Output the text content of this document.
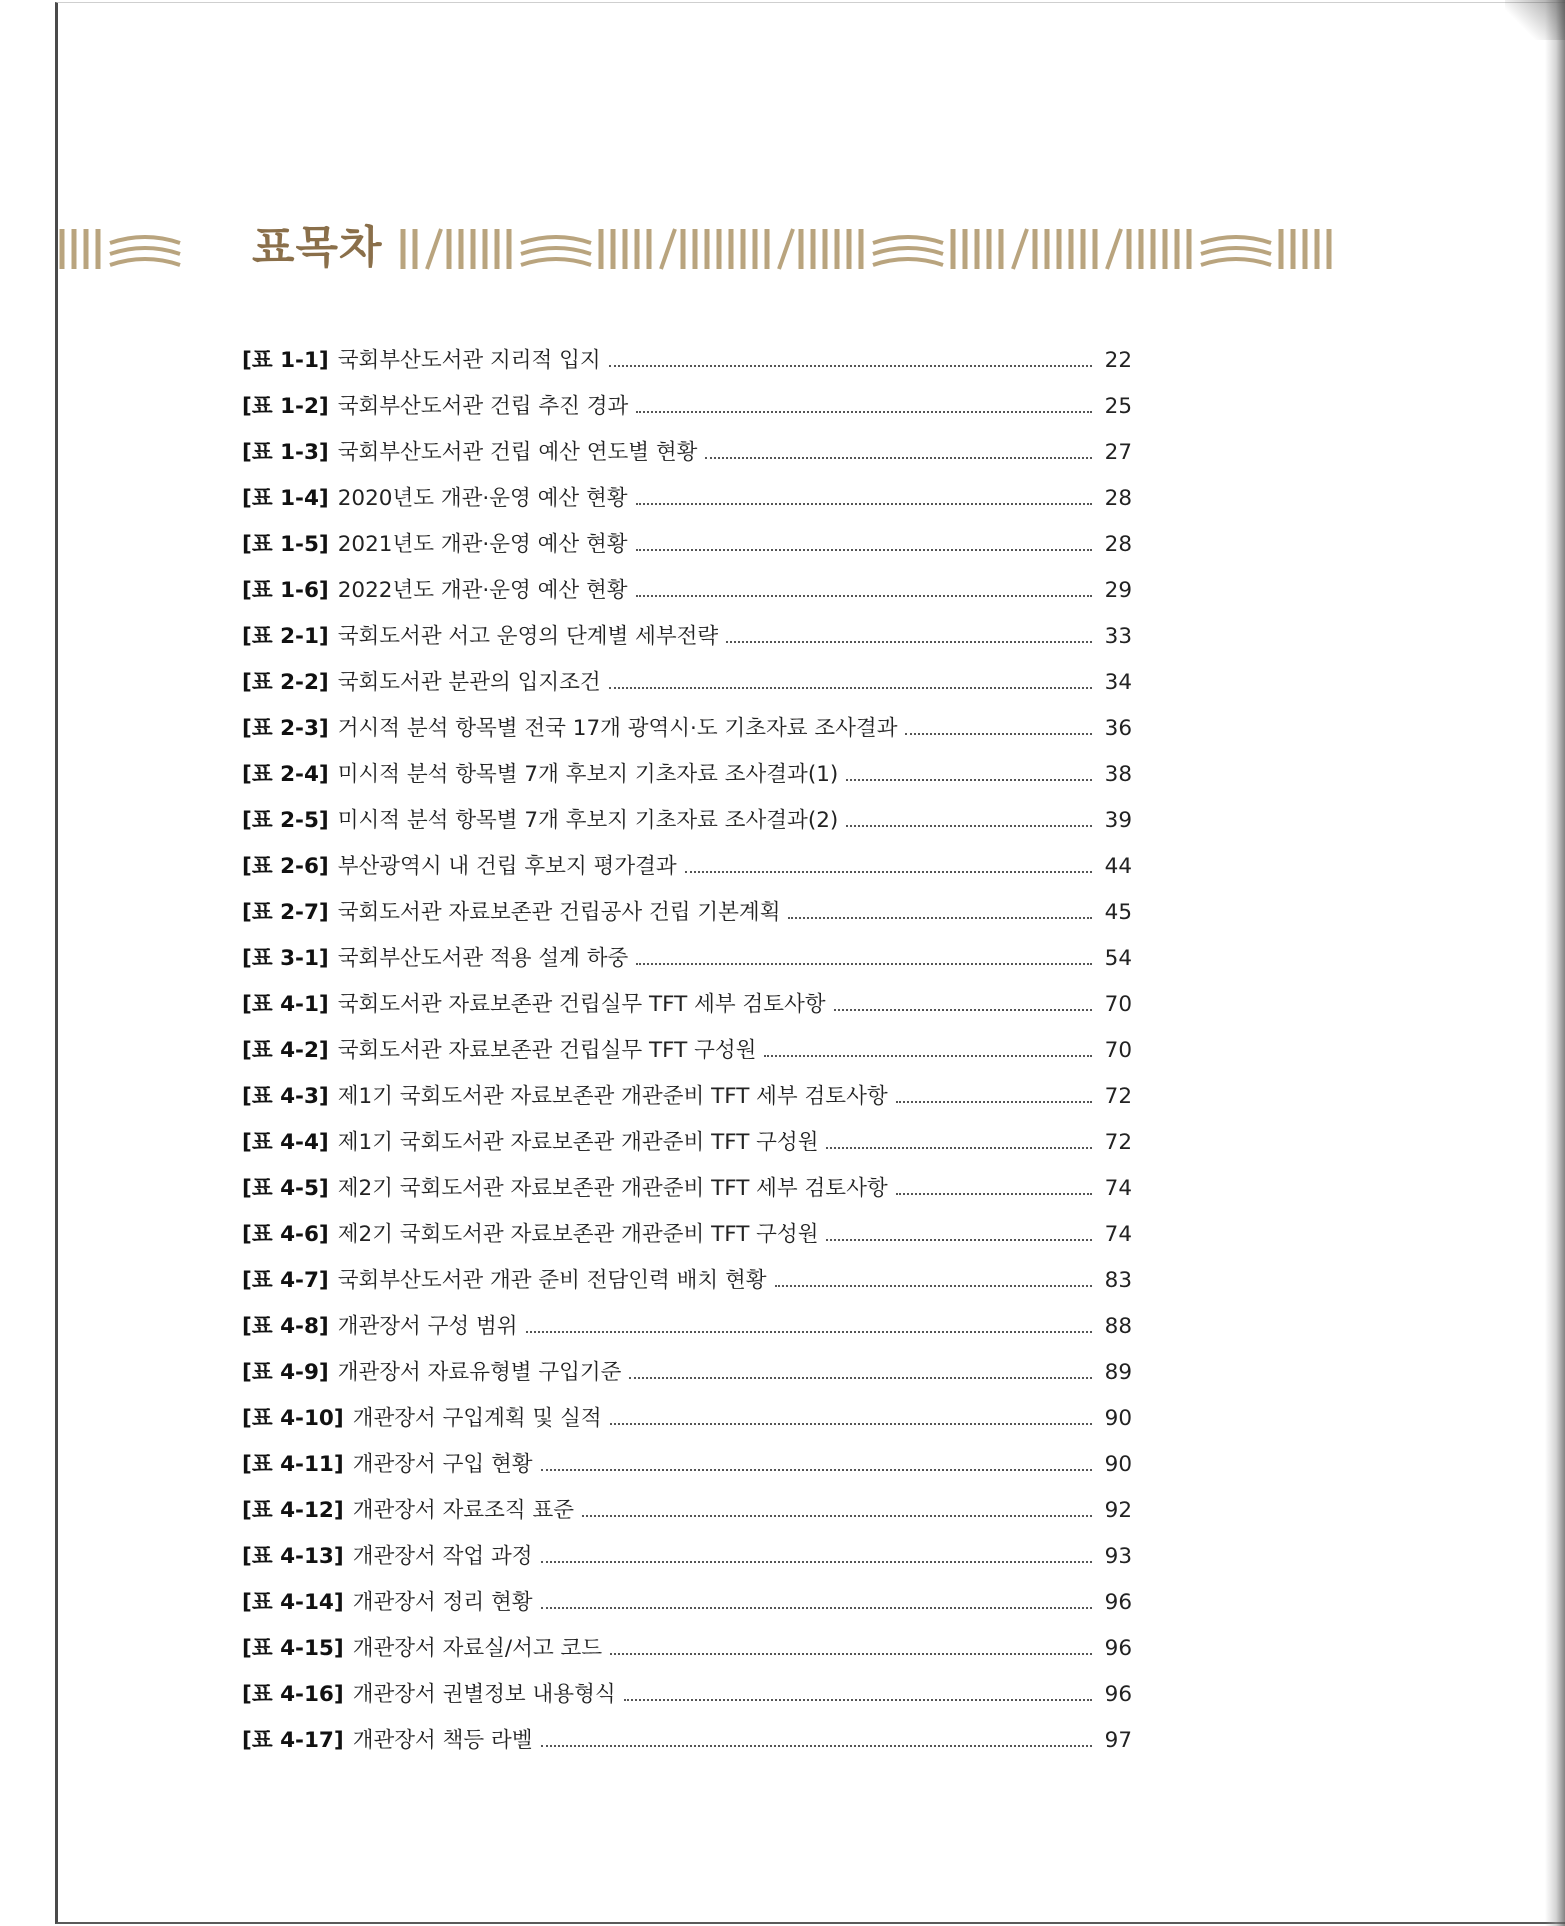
표목차
[표 1-1] 국회부산도서관 지리적 입지	22
[표 1-2] 국회부산도서관 건립 추진 경과	25
[표 1-3] 국회부산도서관 건립 예산 연도별 현황	27
[표 1-4] 2020년도 개관·운영 예산 현황	28
[표 1-5] 2021년도 개관·운영 예산 현황	28
[표 1-6] 2022년도 개관·운영 예산 현황	29
[표 2-1] 국회도서관 서고 운영의 단계별 세부전략	33
[표 2-2] 국회도서관 분관의 입지조건	34
[표 2-3] 거시적 분석 항목별 전국 17개 광역시·도 기초자료 조사결과	36
[표 2-4] 미시적 분석 항목별 7개 후보지 기초자료 조사결과(1)	38
[표 2-5] 미시적 분석 항목별 7개 후보지 기초자료 조사결과(2)	39
[표 2-6] 부산광역시 내 건립 후보지 평가결과	44
[표 2-7] 국회도서관 자료보존관 건립공사 건립 기본계획	45
[표 3-1] 국회부산도서관 적용 설계 하중	54
[표 4-1] 국회도서관 자료보존관 건립실무 TFT 세부 검토사항	70
[표 4-2] 국회도서관 자료보존관 건립실무 TFT 구성원	70
[표 4-3] 제1기 국회도서관 자료보존관 개관준비 TFT 세부 검토사항	72
[표 4-4] 제1기 국회도서관 자료보존관 개관준비 TFT 구성원	72
[표 4-5] 제2기 국회도서관 자료보존관 개관준비 TFT 세부 검토사항	74
[표 4-6] 제2기 국회도서관 자료보존관 개관준비 TFT 구성원	74
[표 4-7] 국회부산도서관 개관 준비 전담인력 배치 현황	83
[표 4-8] 개관장서 구성 범위	88
[표 4-9] 개관장서 자료유형별 구입기준	89
[표 4-10] 개관장서 구입계획 및 실적	90
[표 4-11] 개관장서 구입 현황	90
[표 4-12] 개관장서 자료조직 표준	92
[표 4-13] 개관장서 작업 과정	93
[표 4-14] 개관장서 정리 현황	96
[표 4-15] 개관장서 자료실/서고 코드	96
[표 4-16] 개관장서 권별정보 내용형식	96
[표 4-17] 개관장서 책등 라벨	97
